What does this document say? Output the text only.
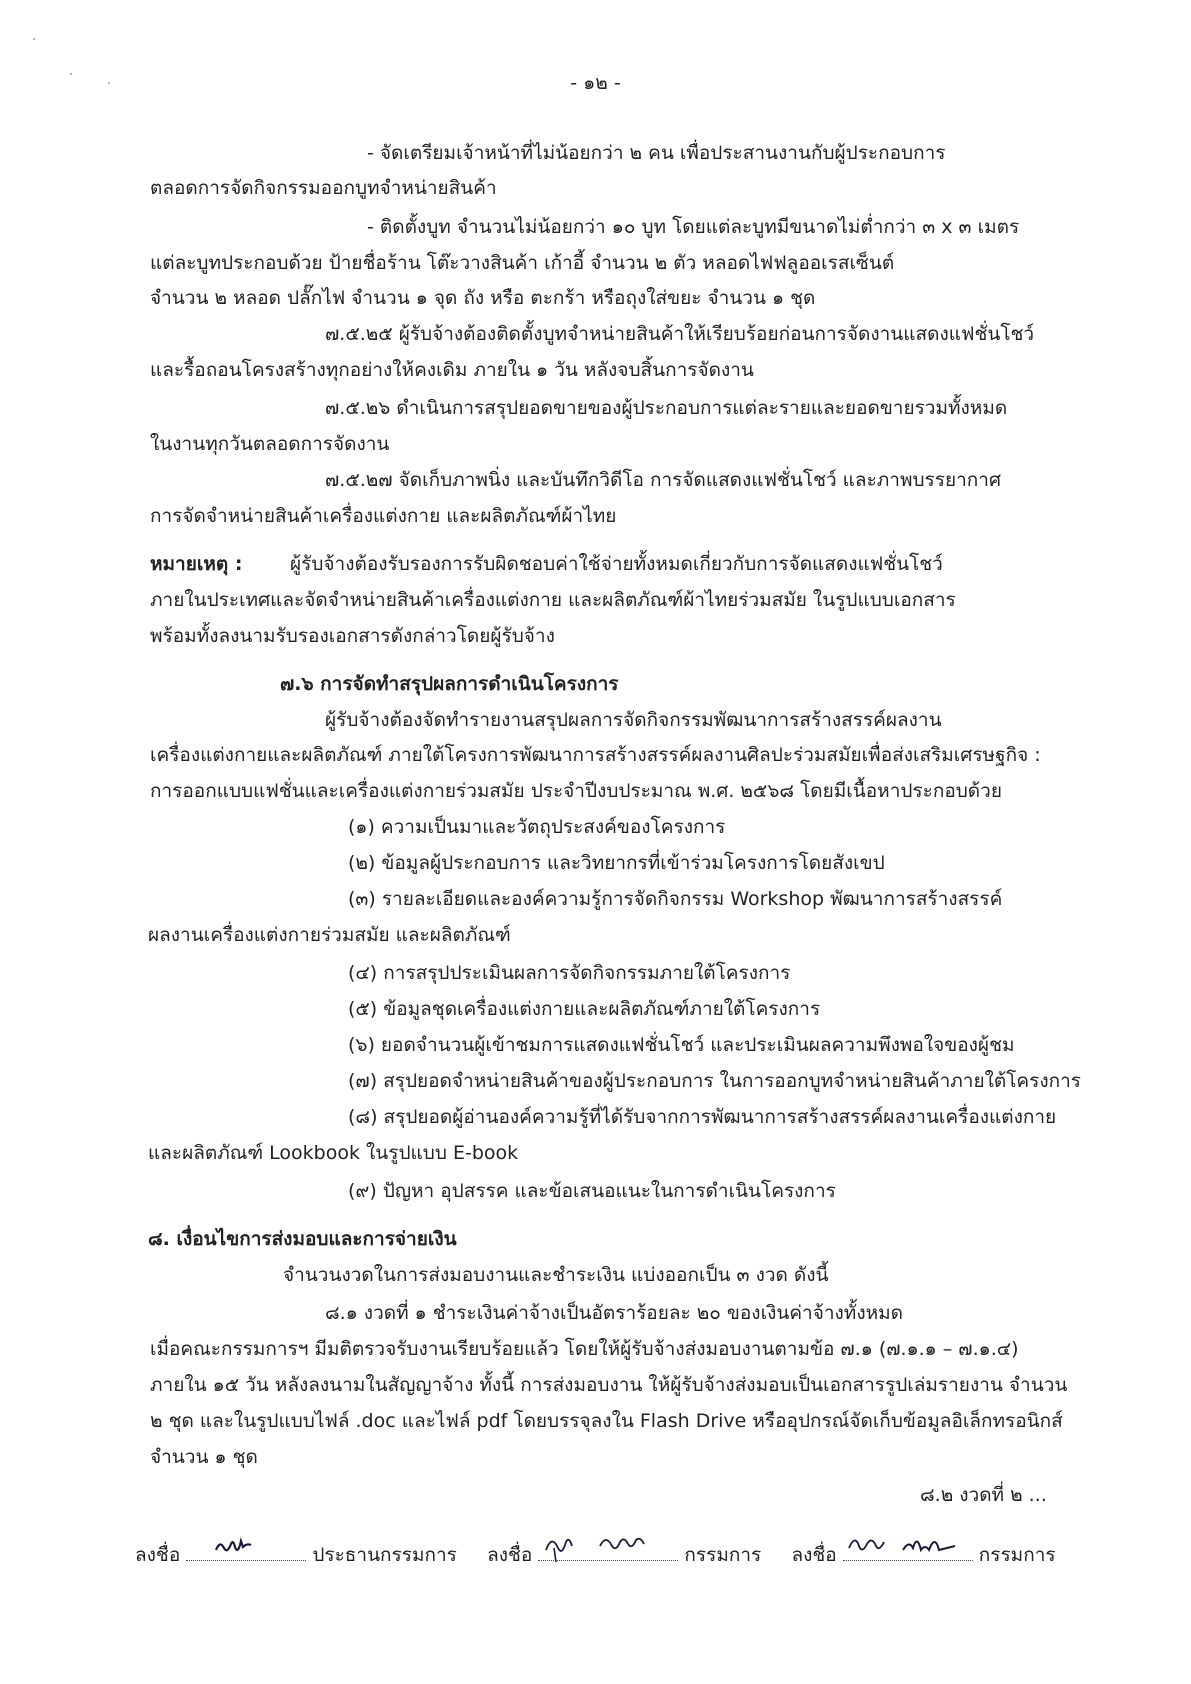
- ๑๒ -
- จัดเตรียมเจ้าหน้าที่ไม่น้อยกว่า ๒ คน เพื่อประสานงานกับผู้ประกอบการ
ตลอดการจัดกิจกรรมออกบูทจำหน่ายสินค้า
- ติดตั้งบูท จำนวนไม่น้อยกว่า ๑๐ บูท โดยแต่ละบูทมีขนาดไม่ต่ำกว่า ๓ x ๓ เมตร
แต่ละบูทประกอบด้วย ป้ายชื่อร้าน โต๊ะวางสินค้า เก้าอี้ จำนวน ๒ ตัว หลอดไฟฟลูออเรสเซ็นต์
จำนวน ๒ หลอด ปลั๊กไฟ จำนวน ๑ จุด ถัง หรือ ตะกร้า หรือถุงใส่ขยะ จำนวน ๑ ชุด
๗.๕.๒๕ ผู้รับจ้างต้องติดตั้งบูทจำหน่ายสินค้าให้เรียบร้อยก่อนการจัดงานแสดงแฟชั่นโชว์
และรื้อถอนโครงสร้างทุกอย่างให้คงเดิม ภายใน ๑ วัน หลังจบสิ้นการจัดงาน
๗.๕.๒๖ ดำเนินการสรุปยอดขายของผู้ประกอบการแต่ละรายและยอดขายรวมทั้งหมด
ในงานทุกวันตลอดการจัดงาน
๗.๕.๒๗ จัดเก็บภาพนิ่ง และบันทึกวิดีโอ การจัดแสดงแฟชั่นโชว์ และภาพบรรยากาศ
การจัดจำหน่ายสินค้าเครื่องแต่งกาย และผลิตภัณฑ์ผ้าไทย
หมายเหตุ :	ผู้รับจ้างต้องรับรองการรับผิดชอบค่าใช้จ่ายทั้งหมดเกี่ยวกับการจัดแสดงแฟชั่นโชว์
ภายในประเทศและจัดจำหน่ายสินค้าเครื่องแต่งกาย และผลิตภัณฑ์ผ้าไทยร่วมสมัย ในรูปแบบเอกสาร
พร้อมทั้งลงนามรับรองเอกสารดังกล่าวโดยผู้รับจ้าง
๗.๖ การจัดทำสรุปผลการดำเนินโครงการ
ผู้รับจ้างต้องจัดทำรายงานสรุปผลการจัดกิจกรรมพัฒนาการสร้างสรรค์ผลงาน
เครื่องแต่งกายและผลิตภัณฑ์ ภายใต้โครงการพัฒนาการสร้างสรรค์ผลงานศิลปะร่วมสมัยเพื่อส่งเสริมเศรษฐกิจ :
การออกแบบแฟชั่นและเครื่องแต่งกายร่วมสมัย ประจำปีงบประมาณ พ.ศ. ๒๕๖๘ โดยมีเนื้อหาประกอบด้วย
(๑) ความเป็นมาและวัตถุประสงค์ของโครงการ
(๒) ข้อมูลผู้ประกอบการ และวิทยากรที่เข้าร่วมโครงการโดยสังเขป
(๓) รายละเอียดและองค์ความรู้การจัดกิจกรรม Workshop พัฒนาการสร้างสรรค์
ผลงานเครื่องแต่งกายร่วมสมัย และผลิตภัณฑ์
(๔) การสรุปประเมินผลการจัดกิจกรรมภายใต้โครงการ
(๕) ข้อมูลชุดเครื่องแต่งกายและผลิตภัณฑ์ภายใต้โครงการ
(๖) ยอดจำนวนผู้เข้าชมการแสดงแฟชั่นโชว์ และประเมินผลความพึงพอใจของผู้ชม
(๗) สรุปยอดจำหน่ายสินค้าของผู้ประกอบการ ในการออกบูทจำหน่ายสินค้าภายใต้โครงการ
(๘) สรุปยอดผู้อ่านองค์ความรู้ที่ได้รับจากการพัฒนาการสร้างสรรค์ผลงานเครื่องแต่งกาย
และผลิตภัณฑ์ Lookbook ในรูปแบบ E-book
(๙) ปัญหา อุปสรรค และข้อเสนอแนะในการดำเนินโครงการ
๘. เงื่อนไขการส่งมอบและการจ่ายเงิน
จำนวนงวดในการส่งมอบงานและชำระเงิน แบ่งออกเป็น ๓ งวด ดังนี้
๘.๑ งวดที่ ๑ ชำระเงินค่าจ้างเป็นอัตราร้อยละ ๒๐ ของเงินค่าจ้างทั้งหมด
เมื่อคณะกรรมการฯ มีมติตรวจรับงานเรียบร้อยแล้ว โดยให้ผู้รับจ้างส่งมอบงานตามข้อ ๗.๑ (๗.๑.๑ – ๗.๑.๔)
ภายใน ๑๕ วัน หลังลงนามในสัญญาจ้าง ทั้งนี้ การส่งมอบงาน ให้ผู้รับจ้างส่งมอบเป็นเอกสารรูปเล่มรายงาน จำนวน
๒ ชุด และในรูปแบบไฟล์ .doc และไฟล์ pdf โดยบรรจุลงใน Flash Drive หรืออุปกรณ์จัดเก็บข้อมูลอิเล็กทรอนิกส์
จำนวน ๑ ชุด
๘.๒ งวดที่ ๒ ...
ลงชื่อ	ประธานกรรมการ ลงชื่อ	กรรมการ ลงชื่อ	กรรมการ
